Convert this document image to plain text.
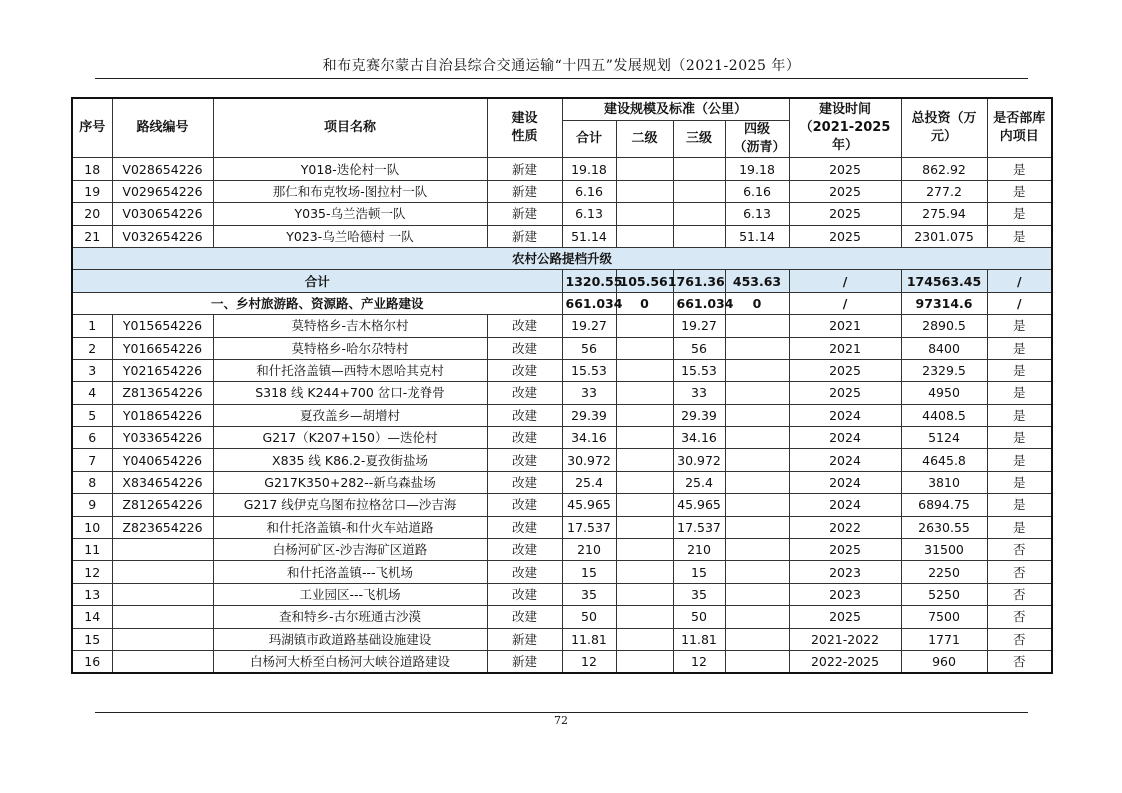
和布克赛尔蒙古自治县综合交通运输“十四五”发展规划（2021-2025 年）
序号	路线编号	项目名称	建设性质	建设规模及标准（公里）				建设时间（2021-2025 年）	总投资（万元）	是否部库内项目
				合计	二级	三级	四级（沥青）			
18	V028654226	Y018-迭伦村一队	新建	19.18			19.18	2025	862.92	是
19	V029654226	那仁和布克牧场-图拉村一队	新建	6.16			6.16	2025	277.2	是
20	V030654226	Y035-乌兰浩顿一队	新建	6.13			6.13	2025	275.94	是
21	V032654226	Y023-乌兰哈德村 一队	新建	51.14			51.14	2025	2301.075	是
农村公路提档升级										
合计				1320.55	105.561	761.36	453.63	/	174563.45	/
一、乡村旅游路、资源路、产业路建设				661.034	0	661.034	0	/	97314.6	/
1	Y015654226	莫特格乡-吉木格尔村	改建	19.27		19.27		2021	2890.5	是
2	Y016654226	莫特格乡-哈尔尕特村	改建	56		56		2021	8400	是
3	Y021654226	和什托洛盖镇—西特木恩哈其克村	改建	15.53		15.53		2025	2329.5	是
4	Z813654226	S318 线 K244+700 岔口-龙脊骨	改建	33		33		2025	4950	是
5	Y018654226	夏孜盖乡—胡增村	改建	29.39		29.39		2024	4408.5	是
6	Y033654226	G217（K207+150）—迭伦村	改建	34.16		34.16		2024	5124	是
7	Y040654226	X835 线 K86.2-夏孜街盐场	改建	30.972		30.972		2024	4645.8	是
8	X834654226	G217K350+282--新乌森盐场	改建	25.4		25.4		2024	3810	是
9	Z812654226	G217 线伊克乌图布拉格岔口—沙吉海	改建	45.965		45.965		2024	6894.75	是
10	Z823654226	和什托洛盖镇-和什火车站道路	改建	17.537		17.537		2022	2630.55	是
11		白杨河矿区-沙吉海矿区道路	改建	210		210		2025	31500	否
12		和什托洛盖镇---飞机场	改建	15		15		2023	2250	否
13		工业园区---飞机场	改建	35		35		2023	5250	否
14		查和特乡-古尔班通古沙漠	改建	50		50		2025	7500	否
15		玛湖镇市政道路基础设施建设	新建	11.81		11.81		2021-2022	1771	否
16		白杨河大桥至白杨河大峡谷道路建设	新建	12		12		2022-2025	960	否
72
